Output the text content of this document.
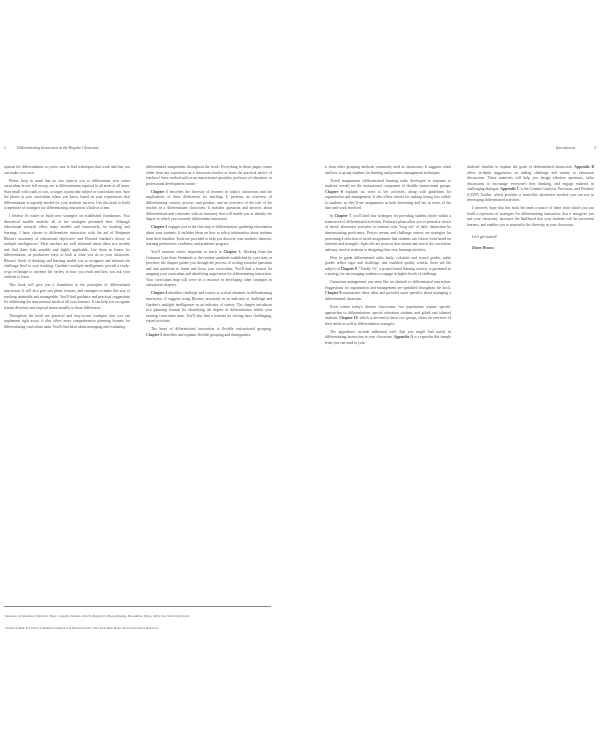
2	Differentiating Instruction in the Regular Classroom	Introduction	3

options for differentiation so you're sure to find techniques that work and that you can make your own.

Please keep in mind that no one expects you to differentiate your entire curriculum in one fell swoop, nor is differentiation required in all areas at all times. Start small with a unit or two, or target a particular subject or curriculum area. Spot the places in your curriculum where you know, based on your experiences, that differentiation is urgently needed for your students' success. Use this book to build a repertoire of strategies for differentiating instruction a little at a time.

I believe it's easier to build new strategies on established foundations. Two theoretical models underlie all of the strategies presented here. Although educational research offers many models and frameworks for teaching and learning, I have chosen to differentiate instruction with the aid of Benjamin Bloom's taxonomy of educational objectives¹ and Howard Gardner's theory of multiple intelligences.² Most teachers are well informed about these two models and find them both sensible and highly applicable. Use them as lenses for differentiation, as productive ways to look at what you do in your classroom. Bloom's levels of thinking and learning enable you to recognize and enhance the challenge level in your teaching. Gardner's multiple intelligences provide a ready-to-go technique to increase the variety in how you teach and how you ask your students to learn.

This book will give you a foundation in the principles of differentiated instruction. It will also give you plans, formats, and strategies to make this way of teaching attainable and manageable. You'll find guidance and practical suggestions for addressing the instructional needs of all your learners. It can help you recognize learner diversity and respond instructionally to those differences.

Throughout the book are practical and easy-to-use strategies that you can implement right away; it also offers more comprehensive planning formats for differentiating curriculum units. You'll find ideas about managing and evaluating

differentiated assignments throughout the book. Everything in these pages comes either from my experience as a classroom teacher or from the practical advice of teachers I have worked with as an instructional specialist, professor of education, or professional development trainer.

Chapter 1 describes the diversity of learners in today's classrooms and the implications of these differences for teaching. It presents an overview of differentiating content, process, and product, and an overview of the role of the teacher in a differentiated classroom. It includes questions and answers about differentiation and concludes with an inventory that will enable you to identify the degree to which you currently differentiate instruction.

Chapter 2 engages you in the first step of differentiation: gathering information about your students. It includes ideas on how to solicit information about students from their families. Tools are provided to help you discover your students' interests, learning preferences, readiness, and academic progress.

You'll examine what's important to teach in Chapter 3. Working from the Common Core State Standards or the content standards established by your state or province, the chapter guides you through the process of writing essential questions and unit questions to frame and focus your curriculum. You'll find a format for mapping your curriculum and identifying target areas for differentiating instruction. Your curriculum map will serve as a resource in developing other strategies in subsequent chapters.

Chapter 4 identifies challenge and variety as critical elements in differentiating instruction. It suggests using Bloom's taxonomy as an indicator of challenge and Gardner's multiple intelligences as an indicator of variety. The chapter introduces two planning formats for identifying the degree of differentiation within your existing curriculum units. You'll also find a formula for writing more challenging, varied activities.

The heart of differentiated instruction is flexible instructional grouping. Chapter 5 describes and explains flexible grouping and distinguishes

¹ Taxonomy of Educational Objectives: Book 1 Cognitive Domain, edited by Benjamin S. Bloom (Reading, MA: Addison Wesley, 1984). Described in References.
² Frames of Mind: The Theory of Multiple Intelligences by Howard Gardner (New York: Basic Books, 2011). Described in References.

it from other grouping methods commonly used in classrooms. It suggests when and how to group students for learning and presents management techniques.

Tiered assignments (differentiated learning tasks developed in response to students' needs) are the instructional component of flexible instructional groups. Chapter 6 explains six ways to tier activities, along with guidelines for organization and management. It also offers criteria for making tiering less visible to students, so they'll see assignments as both interesting and fair in terms of the time and work involved.

In Chapter 7, you'll find four strategies for providing student choice within a framework of differentiated activities. Pathways plans allow you to present a choice of tiered, alternative activities to students who "loop out" of daily instruction by demonstrating proficiency. Project menus and challenge centers are strategies for presenting a selection of tiered assignments that students can choose from based on interests and strengths. Spin-offs are projects that extend and enrich the curriculum and may involve students in designing their own learning activities.

How to grade differentiated tasks fairly, calculate and record grades, make grades reflect rigor and challenge, and establish quality criteria: these are the subject of Chapter 8. "Totally 10," a project-based learning activity, is presented as a strategy for encouraging students to engage in higher levels of challenge.

Classroom management can seem like an obstacle to differentiated instruction. Suggestions for organization and management are sprinkled throughout the book. Chapter 9 summarizes these ideas and provides more specifics about managing a differentiated classroom.

Even within today's diverse classrooms, two populations require specific approaches to differentiation: special education students and gifted and talented students. Chapter 10, which is devoted to these two groups, offers an overview of their needs as well as differentiation strategies.

The appendixes include additional tools that you might find useful in differentiating instruction in your classroom. Appendix A is a reproducible sample letter you can send to your

students' families to explain the goals of differentiated instruction. Appendix B offers in-depth suggestions on adding challenge and variety to classroom discussions. These materials will help you design effective questions, tailor discussions to encourage everyone's best thinking, and engage students in challenging dialogue. Appendix C is the Content Catalysts, Processes, and Products (CCPP) Toolkit, which provides a menu-like alternative method you can use in developing differentiated activities.

I sincerely hope that this book becomes a source of ideas from which you can build a repertoire of strategies for differentiating instruction, that it energizes you and your classroom, increases the likelihood that your students will be successful learners, and enables you to respond to the diversity in your classroom.

Let's get started!

Diane Heacox
